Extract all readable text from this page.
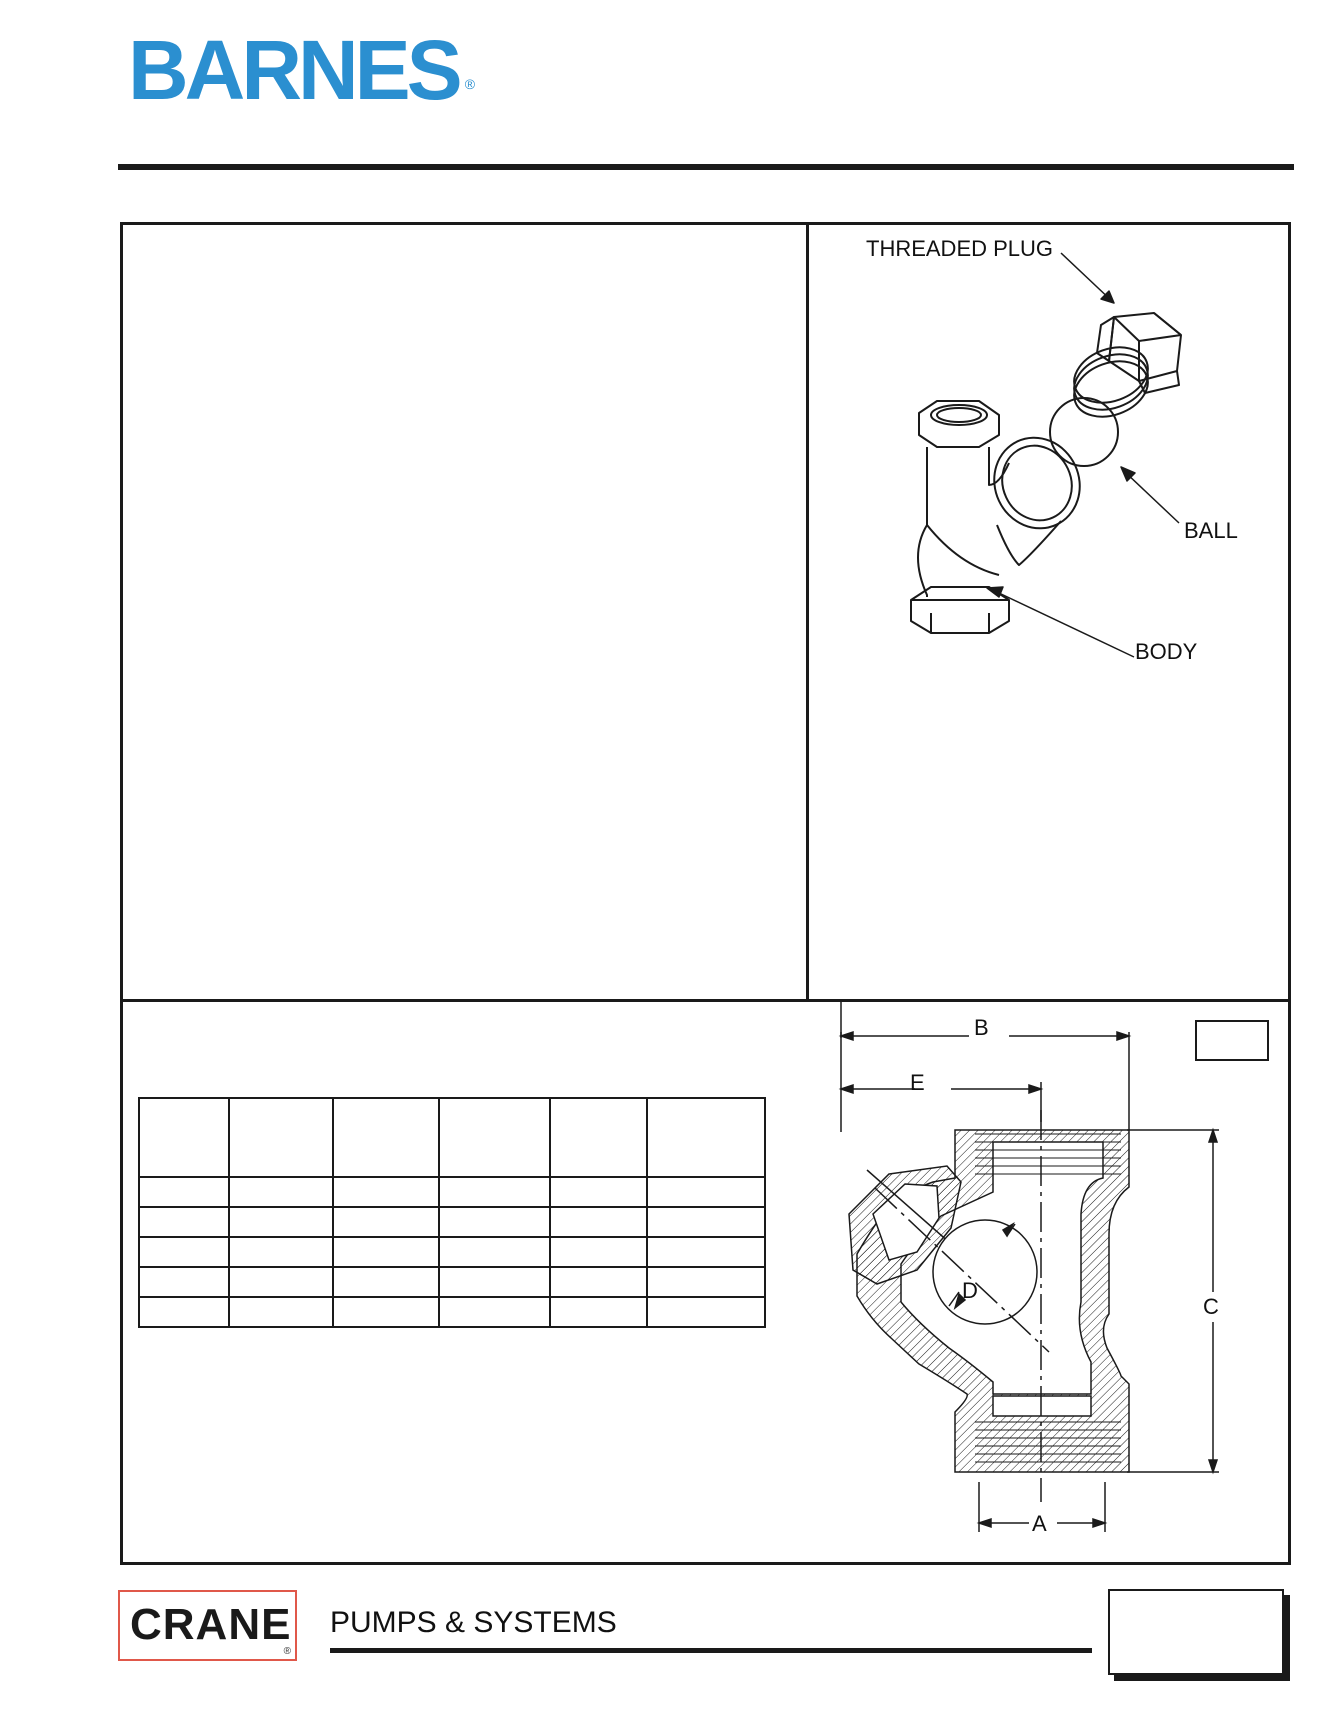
BARNES ®
THREADED PLUG
BALL
BODY

B
E
C
D
A
CRANE
®
PUMPS & SYSTEMS
